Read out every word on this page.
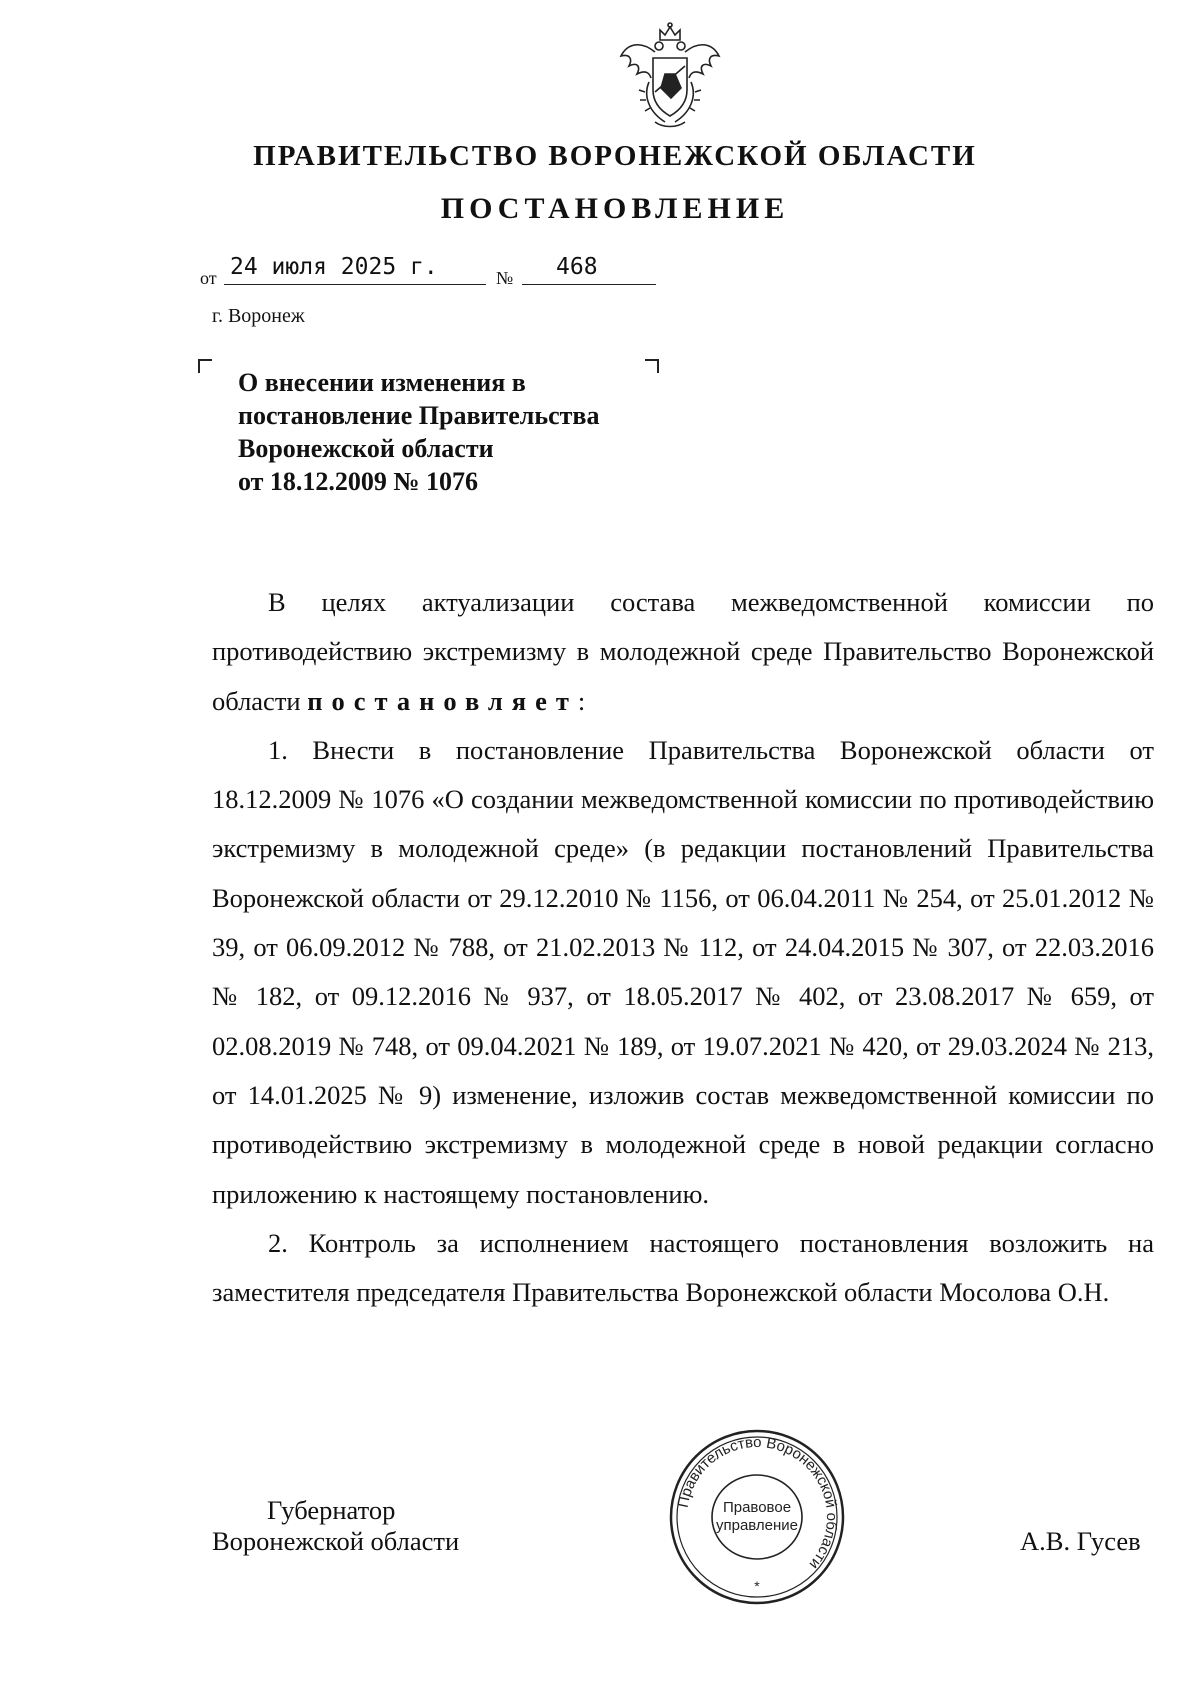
ПРАВИТЕЛЬСТВО ВОРОНЕЖСКОЙ ОБЛАСТИ
ПОСТАНОВЛЕНИЕ
от 24 июля 2025 г.	№ 468
г. Воронеж
О внесении изменения в
постановление Правительства
Воронежской области
от 18.12.2009 № 1076

В целях актуализации состава межведомственной комиссии по противодействию экстремизму в молодежной среде Правительство Воронежской области постановляет:

1. Внести в постановление Правительства Воронежской области от 18.12.2009 № 1076 «О создании межведомственной комиссии по противодействию экстремизму в молодежной среде» (в редакции постановлений Правительства Воронежской области от 29.12.2010 № 1156, от 06.04.2011 № 254, от 25.01.2012 № 39, от 06.09.2012 № 788, от 21.02.2013 № 112, от 24.04.2015 № 307, от 22.03.2016 № 182, от 09.12.2016 № 937, от 18.05.2017 № 402, от 23.08.2017 № 659, от 02.08.2019 № 748, от 09.04.2021 № 189, от 19.07.2021 № 420, от 29.03.2024 № 213, от 14.01.2025 № 9) изменение, изложив состав межведомственной комиссии по противодействию экстремизму в молодежной среде в новой редакции согласно приложению к настоящему постановлению.

2. Контроль за исполнением настоящего постановления возложить на заместителя председателя Правительства Воронежской области Мосолова О.Н.

Губернатор
Воронежской области
Правительство Воронежской области
Правовое
управление
*
А.В. Гусев
